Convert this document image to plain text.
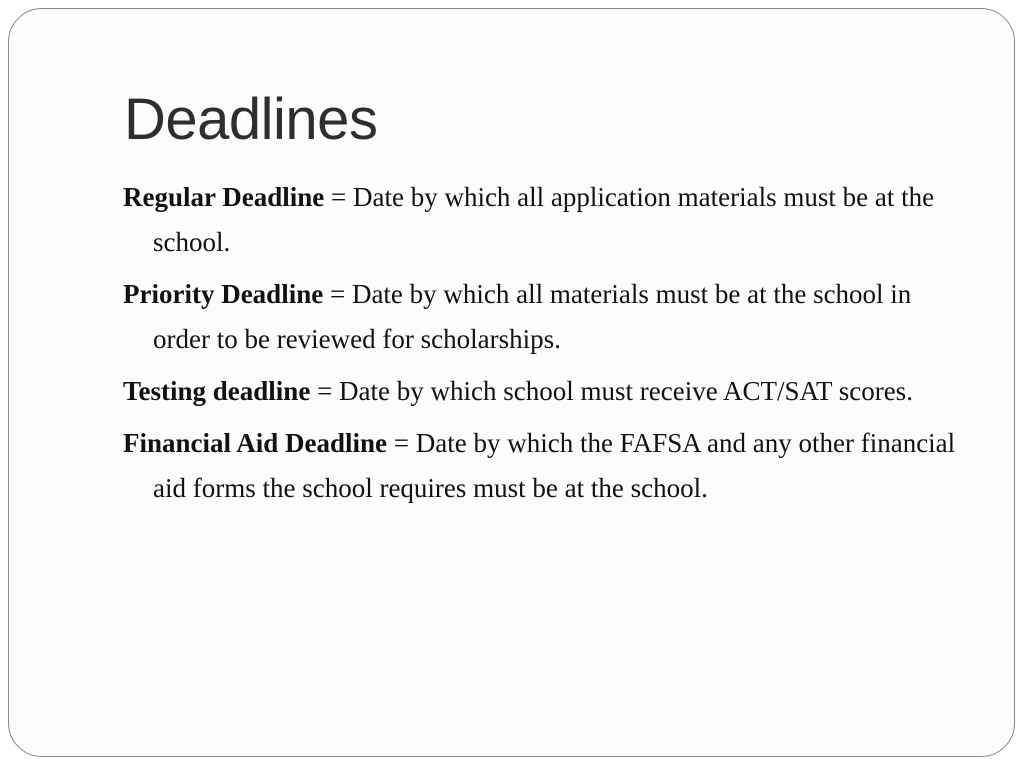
Deadlines
Regular Deadline = Date by which all application materials must be at the school.
Priority Deadline = Date by which all materials must be at the school in order to be reviewed for scholarships.
Testing deadline = Date by which school must receive ACT/SAT scores.
Financial Aid Deadline = Date by which the FAFSA and any other financial aid forms the school requires must be at the school.
